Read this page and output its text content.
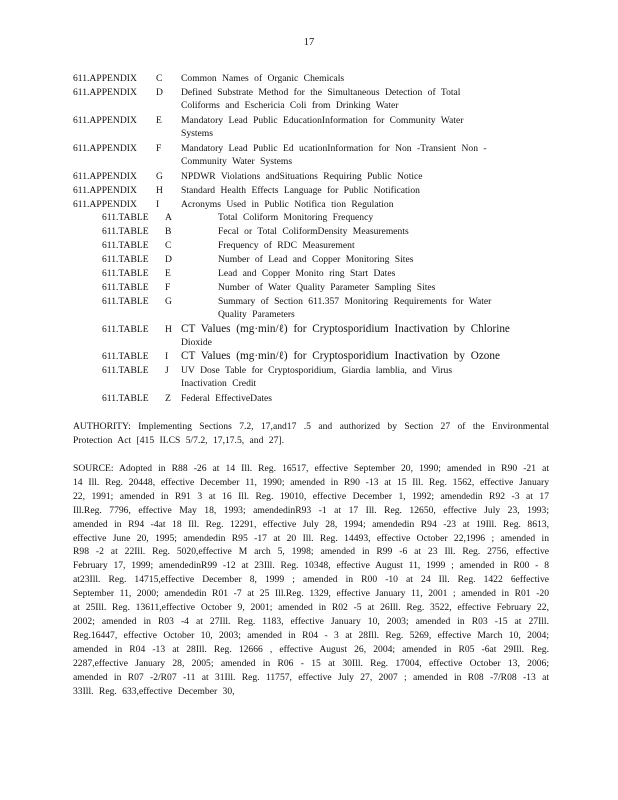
17
611.APPENDIX C Common Names of Organic Chemicals
611.APPENDIX D Defined Substrate Method for the Simultaneous Detection of Total
Coliforms and Eschericia Coli from Drinking Water
611.APPENDIX E Mandatory Lead Public EducationInformation for Community Water
Systems
611.APPENDIX F Mandatory Lead Public Ed ucationInformation for Non -Transient Non -
Community Water Systems
611.APPENDIX G NPDWR Violations andSituations Requiring Public Notice
611.APPENDIX H Standard Health Effects Language for Public Notification
611.APPENDIX I Acronyms Used in Public Notifica tion Regulation
611.TABLE A	Total Coliform Monitoring Frequency
611.TABLE B	Fecal or Total ColiformDensity Measurements
611.TABLE C	Frequency of RDC Measurement
611.TABLE D	Number of Lead and Copper Monitoring Sites
611.TABLE E	Lead and Copper Monito ring Start Dates
611.TABLE F	Number of Water Quality Parameter Sampling Sites
611.TABLE G	Summary of Section 611.357 Monitoring Requirements for Water
Quality Parameters
611.TABLE H CT Values (mg·min/ℓ) for Cryptosporidium Inactivation by Chlorine
Dioxide
611.TABLE I CT Values (mg·min/ℓ) for Cryptosporidium Inactivation by Ozone
611.TABLE J UV Dose Table for Cryptosporidium, Giardia lamblia, and Virus
Inactivation Credit
611.TABLE Z Federal EffectiveDates
AUTHORITY: Implementing Sections 7.2, 17,and17 .5 and authorized by Section 27 of the Environmental Protection Act [415 ILCS 5/7.2, 17,17.5, and 27].
SOURCE: Adopted in R88 -26 at 14 Ill. Reg. 16517, effective September 20, 1990; amended in R90 -21 at 14 Ill. Reg. 20448, effective December 11, 1990; amended in R90 -13 at 15 Ill. Reg. 1562, effective January 22, 1991; amended in R91 3 at 16 Ill. Reg. 19010, effective December 1, 1992; amendedin R92 -3 at 17 Ill.Reg. 7796, effective May 18, 1993; amendedinR93 -1 at 17 Ill. Reg. 12650, effective July 23, 1993; amended in R94 -4at 18 Ill. Reg. 12291, effective July 28, 1994; amendedin R94 -23 at 19Ill. Reg. 8613, effective June 20, 1995; amendedin R95 -17 at 20 Ill. Reg. 14493, effective October 22,1996 ; amended in R98 -2 at 22Ill. Reg. 5020,effective M arch 5, 1998; amended in R99 -6 at 23 Ill. Reg. 2756, effective February 17, 1999; amendedinR99 -12 at 23Ill. Reg. 10348, effective August 11, 1999 ; amended in R00 - 8 at23Ill. Reg. 14715,effective December 8, 1999 ; amended in R00 -10 at 24 Ill. Reg. 1422 6effective September 11, 2000; amendedin R01 -7 at 25 Ill.Reg. 1329, effective January 11, 2001 ; amended in R01 -20 at 25Ill. Reg. 13611,effective October 9, 2001; amended in R02 -5 at 26Ill. Reg. 3522, effective February 22, 2002; amended in R03 -4 at 27Ill. Reg. 1183, effective January 10, 2003; amended in R03 -15 at 27Ill. Reg.16447, effective October 10, 2003; amended in R04 - 3 at 28Ill. Reg. 5269, effective March 10, 2004; amended in R04 -13 at 28Ill. Reg. 12666 , effective August 26, 2004; amended in R05 -6at 29Ill. Reg. 2287,effective January 28, 2005; amended in R06 - 15 at 30Ill. Reg. 17004, effective October 13, 2006; amended in R07 -2/R07 -11 at 31Ill. Reg. 11757, effective July 27, 2007 ; amended in R08 -7/R08 -13 at 33Ill. Reg. 633,effective December 30,
